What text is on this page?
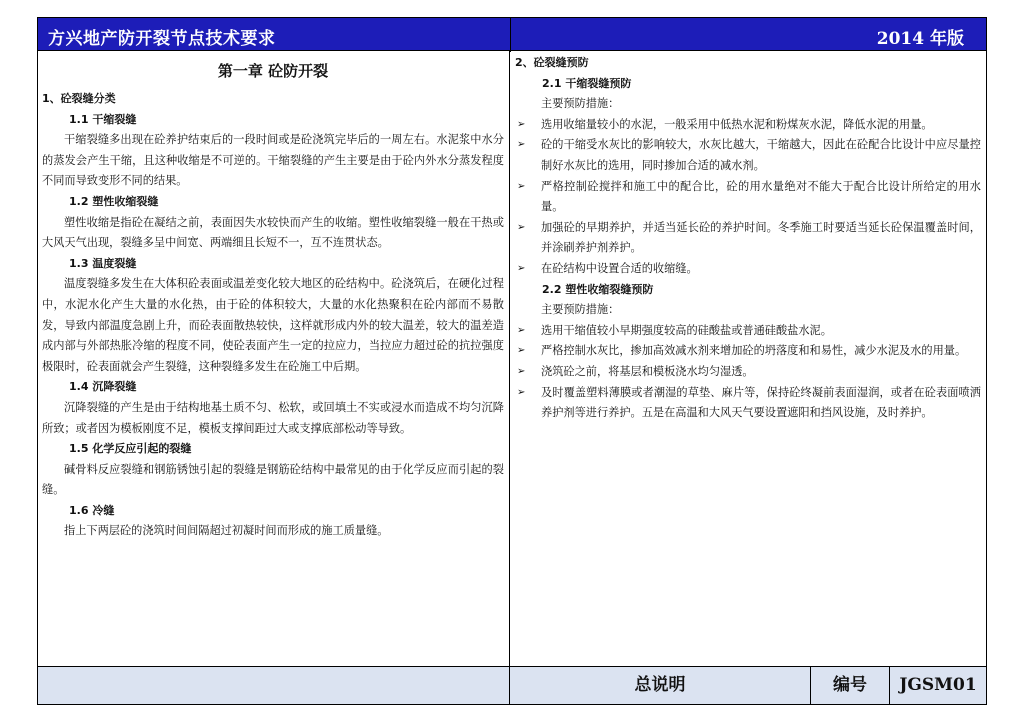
方兴地产防开裂节点技术要求	2014 年版
第一章 砼防开裂
1、砼裂缝分类
1.1 干缩裂缝
干缩裂缝多出现在砼养护结束后的一段时间或是砼浇筑完毕后的一周左右。水泥浆中水分的蒸发会产生干缩，且这种收缩是不可逆的。干缩裂缝的产生主要是由于砼内外水分蒸发程度不同而导致变形不同的结果。
1.2 塑性收缩裂缝
塑性收缩是指砼在凝结之前，表面因失水较快而产生的收缩。塑性收缩裂缝一般在干热或大风天气出现，裂缝多呈中间宽、两端细且长短不一，互不连贯状态。
1.3 温度裂缝
温度裂缝多发生在大体积砼表面或温差变化较大地区的砼结构中。砼浇筑后，在硬化过程中，水泥水化产生大量的水化热，由于砼的体积较大，大量的水化热聚积在砼内部而不易散发，导致内部温度急剧上升，而砼表面散热较快，这样就形成内外的较大温差，较大的温差造成内部与外部热胀冷缩的程度不同，使砼表面产生一定的拉应力，当拉应力超过砼的抗拉强度极限时，砼表面就会产生裂缝，这种裂缝多发生在砼施工中后期。
1.4 沉降裂缝
沉降裂缝的产生是由于结构地基土质不匀、松软，或回填土不实或浸水而造成不均匀沉降所致；或者因为模板刚度不足，模板支撑间距过大或支撑底部松动等导致。
1.5 化学反应引起的裂缝
碱骨料反应裂缝和钢筋锈蚀引起的裂缝是钢筋砼结构中最常见的由于化学反应而引起的裂缝。
1.6 冷缝
指上下两层砼的浇筑时间间隔超过初凝时间而形成的施工质量缝。
2、砼裂缝预防
2.1 干缩裂缝预防
主要预防措施：
➢ 选用收缩量较小的水泥，一般采用中低热水泥和粉煤灰水泥，降低水泥的用量。
➢ 砼的干缩受水灰比的影响较大，水灰比越大，干缩越大，因此在砼配合比设计中应尽量控制好水灰比的选用，同时掺加合适的减水剂。
➢ 严格控制砼搅拌和施工中的配合比，砼的用水量绝对不能大于配合比设计所给定的用水量。
➢ 加强砼的早期养护，并适当延长砼的养护时间。冬季施工时要适当延长砼保温覆盖时间，并涂刷养护剂养护。
➢ 在砼结构中设置合适的收缩缝。
2.2 塑性收缩裂缝预防
主要预防措施：
➢ 选用干缩值较小早期强度较高的硅酸盐或普通硅酸盐水泥。
➢ 严格控制水灰比，掺加高效减水剂来增加砼的坍落度和和易性，减少水泥及水的用量。
➢ 浇筑砼之前，将基层和模板浇水均匀湿透。
➢ 及时覆盖塑料薄膜或者潮湿的草垫、麻片等，保持砼终凝前表面湿润，或者在砼表面喷洒养护剂等进行养护。五是在高温和大风天气要设置遮阳和挡风设施，及时养护。
总说明	编号	JGSM01
